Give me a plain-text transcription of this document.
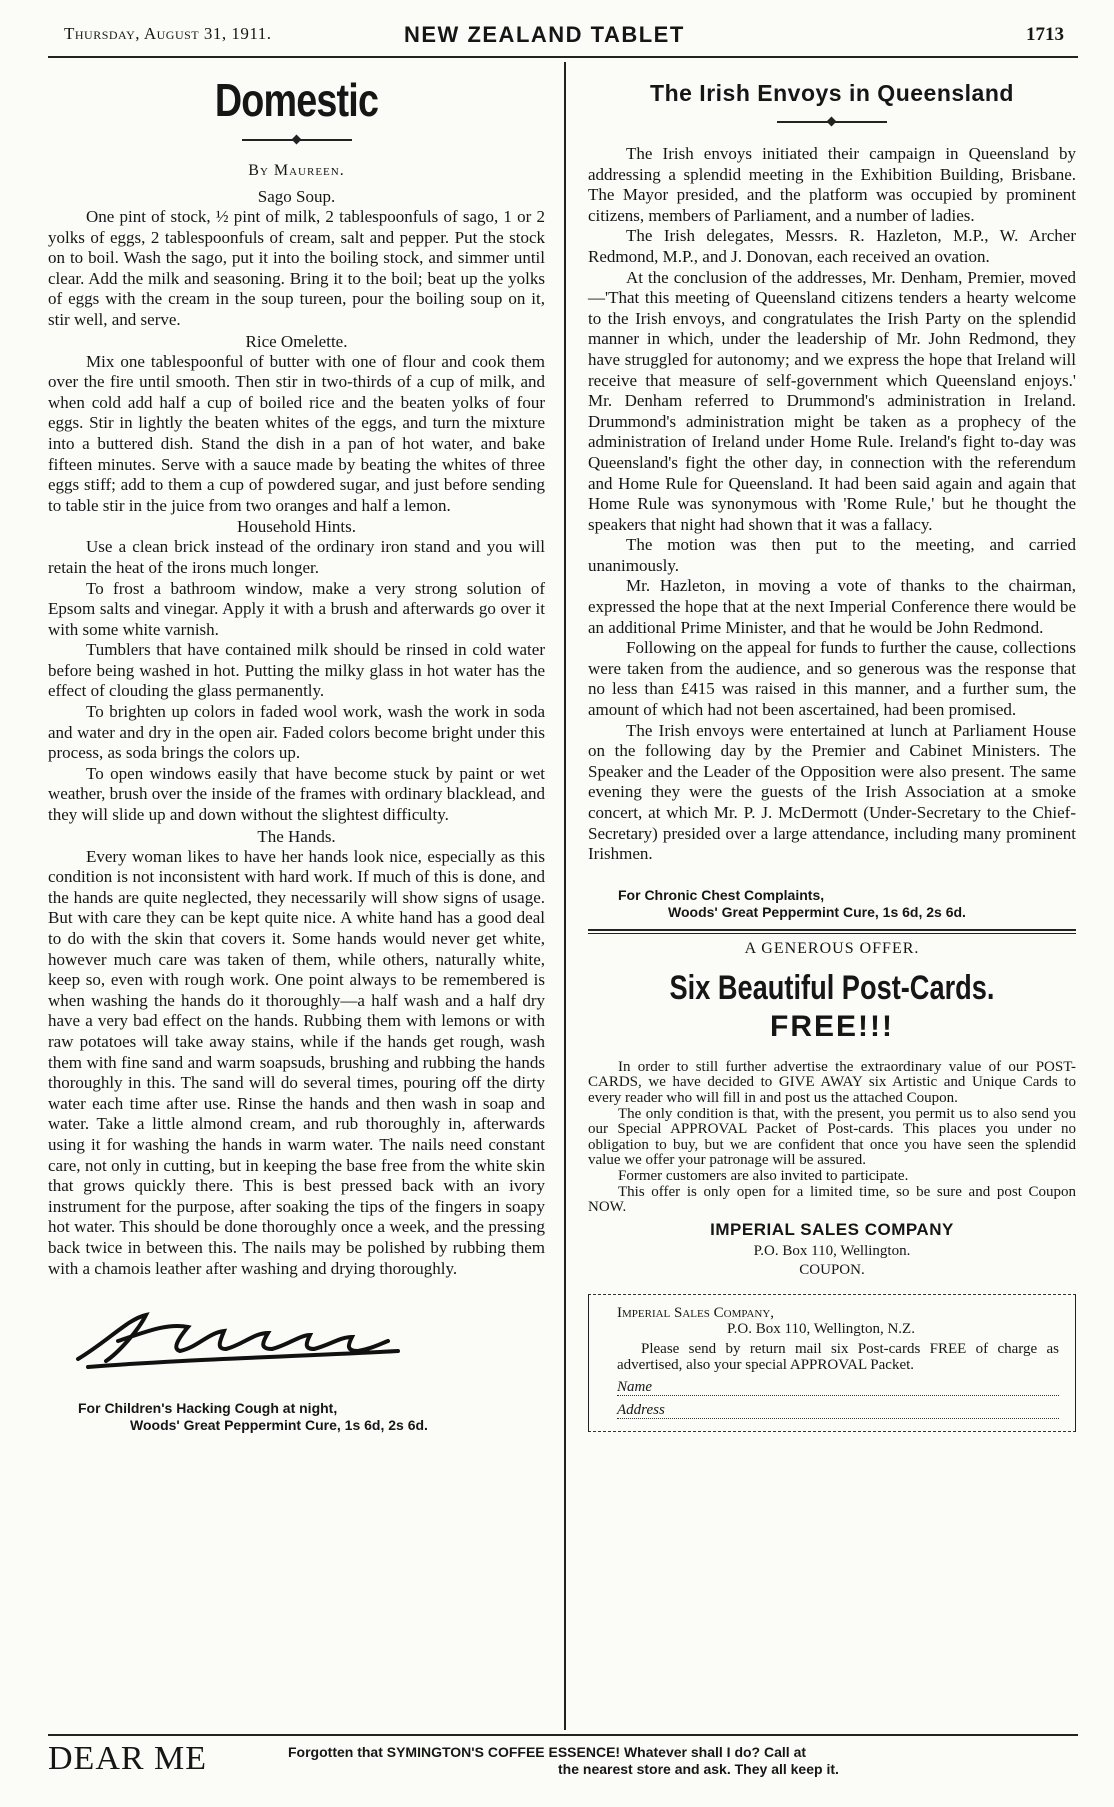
Thursday, August 31, 1911.	NEW ZEALAND TABLET	1713
Domestic
By Maureen.
Sago Soup.

One pint of stock, ½ pint of milk, 2 tablespoonfuls of sago, 1 or 2 yolks of eggs, 2 tablespoonfuls of cream, salt and pepper. Put the stock on to boil. Wash the sago, put it into the boiling stock, and simmer until clear. Add the milk and seasoning. Bring it to the boil; beat up the yolks of eggs with the cream in the soup tureen, pour the boiling soup on it, stir well, and serve.

Rice Omelette.

Mix one tablespoonful of butter with one of flour and cook them over the fire until smooth. Then stir in two-thirds of a cup of milk, and when cold add half a cup of boiled rice and the beaten yolks of four eggs. Stir in lightly the beaten whites of the eggs, and turn the mixture into a buttered dish. Stand the dish in a pan of hot water, and bake fifteen minutes. Serve with a sauce made by beating the whites of three eggs stiff; add to them a cup of powdered sugar, and just before sending to table stir in the juice from two oranges and half a lemon.

Household Hints.

Use a clean brick instead of the ordinary iron stand and you will retain the heat of the irons much longer.

To frost a bathroom window, make a very strong solution of Epsom salts and vinegar. Apply it with a brush and afterwards go over it with some white varnish.

Tumblers that have contained milk should be rinsed in cold water before being washed in hot. Putting the milky glass in hot water has the effect of clouding the glass permanently.

To brighten up colors in faded wool work, wash the work in soda and water and dry in the open air. Faded colors become bright under this process, as soda brings the colors up.

To open windows easily that have become stuck by paint or wet weather, brush over the inside of the frames with ordinary blacklead, and they will slide up and down without the slightest difficulty.

The Hands.

Every woman likes to have her hands look nice, especially as this condition is not inconsistent with hard work. If much of this is done, and the hands are quite neglected, they necessarily will show signs of usage. But with care they can be kept quite nice. A white hand has a good deal to do with the skin that covers it. Some hands would never get white, however much care was taken of them, while others, naturally white, keep so, even with rough work. One point always to be remembered is when washing the hands do it thoroughly—a half wash and a half dry have a very bad effect on the hands. Rubbing them with lemons or with raw potatoes will take away stains, while if the hands get rough, wash them with fine sand and warm soapsuds, brushing and rubbing the hands thoroughly in this. The sand will do several times, pouring off the dirty water each time after use. Rinse the hands and then wash in soap and water. Take a little almond cream, and rub thoroughly in, afterwards using it for washing the hands in warm water. The nails need constant care, not only in cutting, but in keeping the base free from the white skin that grows quickly there. This is best pressed back with an ivory instrument for the purpose, after soaking the tips of the fingers in soapy hot water. This should be done thoroughly once a week, and the pressing back twice in between this. The nails may be polished by rubbing them with a chamois leather after washing and drying thoroughly.

For Children's Hacking Cough at night,
Woods' Great Peppermint Cure, 1s 6d, 2s 6d.
The Irish Envoys in Queensland

The Irish envoys initiated their campaign in Queensland by addressing a splendid meeting in the Exhibition Building, Brisbane. The Mayor presided, and the platform was occupied by prominent citizens, members of Parliament, and a number of ladies.

The Irish delegates, Messrs. R. Hazleton, M.P., W. Archer Redmond, M.P., and J. Donovan, each received an ovation.

At the conclusion of the addresses, Mr. Denham, Premier, moved—'That this meeting of Queensland citizens tenders a hearty welcome to the Irish envoys, and congratulates the Irish Party on the splendid manner in which, under the leadership of Mr. John Redmond, they have struggled for autonomy; and we express the hope that Ireland will receive that measure of self-government which Queensland enjoys.' Mr. Denham referred to Drummond's administration in Ireland. Drummond's administration might be taken as a prophecy of the administration of Ireland under Home Rule. Ireland's fight to-day was Queensland's fight the other day, in connection with the referendum and Home Rule for Queensland. It had been said again and again that Home Rule was synonymous with 'Rome Rule,' but he thought the speakers that night had shown that it was a fallacy.

The motion was then put to the meeting, and carried unanimously.

Mr. Hazleton, in moving a vote of thanks to the chairman, expressed the hope that at the next Imperial Conference there would be an additional Prime Minister, and that he would be John Redmond.

Following on the appeal for funds to further the cause, collections were taken from the audience, and so generous was the response that no less than £415 was raised in this manner, and a further sum, the amount of which had not been ascertained, had been promised.

The Irish envoys were entertained at lunch at Parliament House on the following day by the Premier and Cabinet Ministers. The Speaker and the Leader of the Opposition were also present. The same evening they were the guests of the Irish Association at a smoke concert, at which Mr. P. J. McDermott (Under-Secretary to the Chief-Secretary) presided over a large attendance, including many prominent Irishmen.

For Chronic Chest Complaints,
Woods' Great Peppermint Cure, 1s 6d, 2s 6d.
A GENEROUS OFFER.
Six Beautiful Post-Cards.
FREE!!!

In order to still further advertise the extraordinary value of our POST-CARDS, we have decided to GIVE AWAY six Artistic and Unique Cards to every reader who will fill in and post us the attached Coupon.

The only condition is that, with the present, you permit us to also send you our Special APPROVAL Packet of Post-cards. This places you under no obligation to buy, but we are confident that once you have seen the splendid value we offer your patronage will be assured.

Former customers are also invited to participate.

This offer is only open for a limited time, so be sure and post Coupon NOW.

IMPERIAL SALES COMPANY
P.O. Box 110, Wellington.
COUPON.
Imperial Sales Company,
P.O. Box 110, Wellington, N.Z.
Please send by return mail six Post-cards FREE of charge as advertised, also your special APPROVAL Packet.
Name
Address
DEAR ME	Forgotten that SYMINGTON'S COFFEE ESSENCE! Whatever shall I do? Call at
the nearest store and ask. They all keep it.
